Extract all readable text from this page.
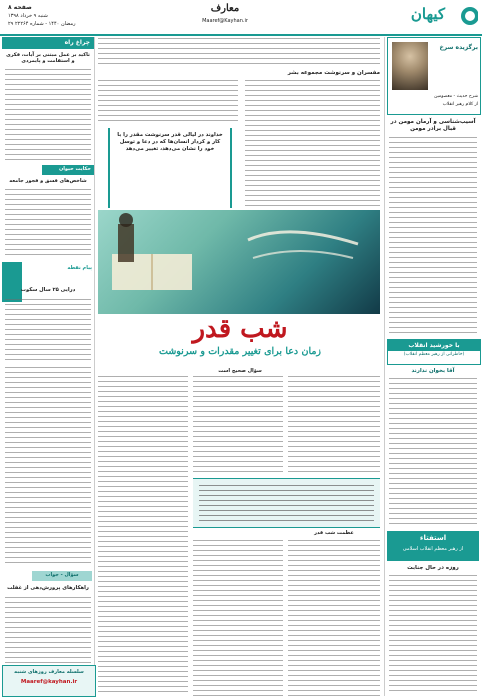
صفحه ۸
شنبه ۹ خرداد ۱۳۹۸
۲۹ رمضان ۱۴۴۰ - شماره ۲۲۲۶۴
معارف
Maaref@Kayhan.ir	کیهان
چراغ راه
تاکید بر عمل مبتنی بر آیات، فکری و استقامت و پایمردی
حکایت حیوان
شاخص‌های فسق و فجور جامعه
پیام نقطه
درایی ۲۵ سال سکوت
سؤال - جواب
راهکارهای پرورش‌دهی از غفلت
سلسله معارف روزهای شنبه
Maaref@kayhan.ir
مفسران و سرنوشت مجموعه بشر
خداوند در لیالی قدر سرنوشت مقدر را با کار و کردار انسان‌ها که در دعا و توسل خود را نشان می‌دهد، تغییر می‌دهد
شب قدر
زمان دعا برای تغییر مقدرات و سرنوشت
سؤال صحیح است
عظمت شب قدر
برگزیده سرخ
شرح حدیث - معصومین
از کلام رهبر انقلاب
آسیب‌شناسی و آرمان مومن در قبال برادر مومن
با خورشید انقلاب
(خاطراتی از رهبر معظم انقلاب)
آقا بخوان ندارند
استفتاء
از رهبر معظم انقلاب اسلامی
روزه در حال جنابت
